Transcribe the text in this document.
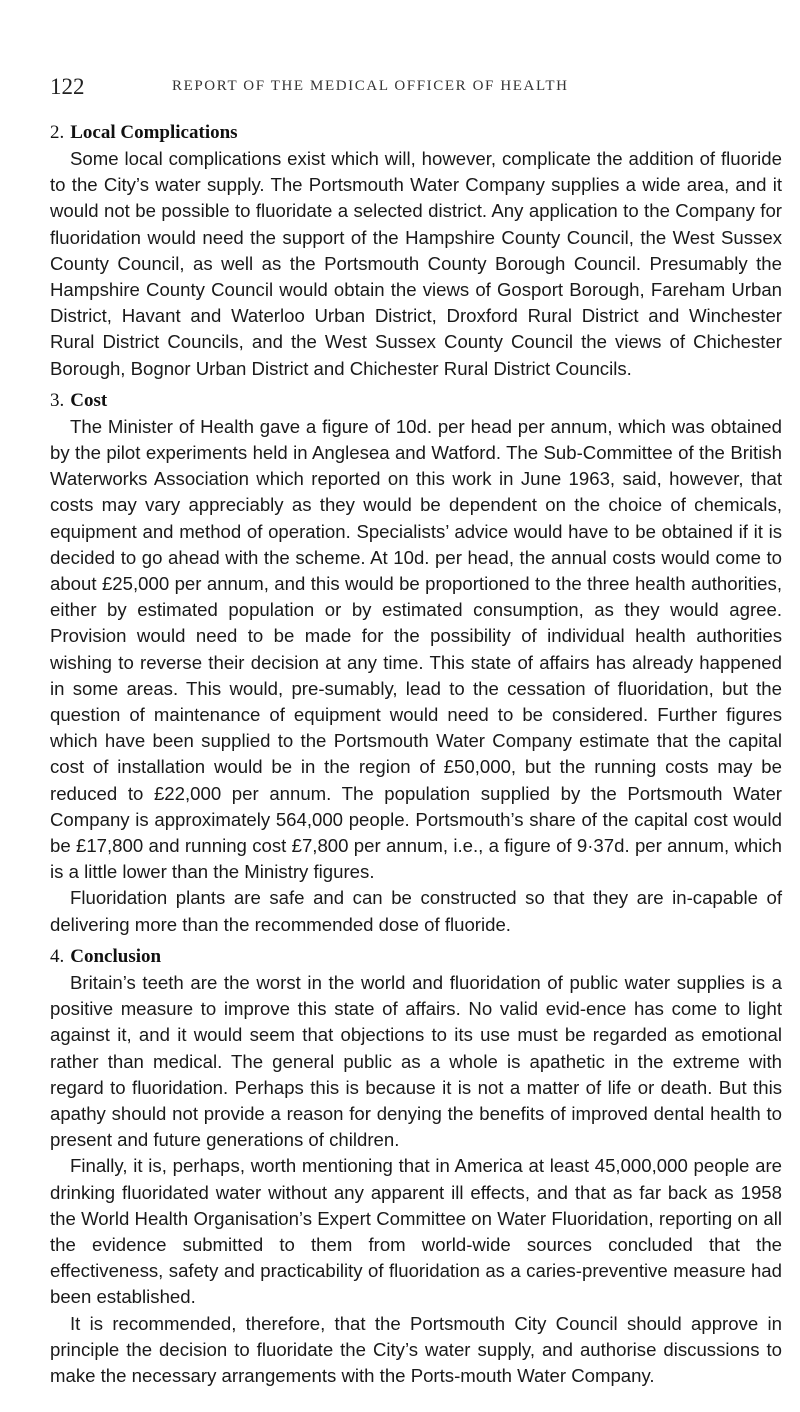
122	REPORT OF THE MEDICAL OFFICER OF HEALTH

2. Local Complications

Some local complications exist which will, however, complicate the addition of fluoride to the City’s water supply. The Portsmouth Water Company supplies a wide area, and it would not be possible to fluoridate a selected district. Any application to the Company for fluoridation would need the support of the Hampshire County Council, the West Sussex County Council, as well as the Portsmouth County Borough Council. Presumably the Hampshire County Council would obtain the views of Gosport Borough, Fareham Urban District, Havant and Waterloo Urban District, Droxford Rural District and Winchester Rural District Councils, and the West Sussex County Council the views of Chichester Borough, Bognor Urban District and Chichester Rural District Councils.

3. Cost

The Minister of Health gave a figure of 10d. per head per annum, which was obtained by the pilot experiments held in Anglesea and Watford. The Sub-Committee of the British Waterworks Association which reported on this work in June 1963, said, however, that costs may vary appreciably as they would be dependent on the choice of chemicals, equipment and method of operation. Specialists’ advice would have to be obtained if it is decided to go ahead with the scheme. At 10d. per head, the annual costs would come to about £25,000 per annum, and this would be proportioned to the three health authorities, either by estimated population or by estimated consumption, as they would agree. Provision would need to be made for the possibility of individual health authorities wishing to reverse their decision at any time. This state of affairs has already happened in some areas. This would, pre-sumably, lead to the cessation of fluoridation, but the question of maintenance of equipment would need to be considered. Further figures which have been supplied to the Portsmouth Water Company estimate that the capital cost of installation would be in the region of £50,000, but the running costs may be reduced to £22,000 per annum. The population supplied by the Portsmouth Water Company is approximately 564,000 people. Portsmouth’s share of the capital cost would be £17,800 and running cost £7,800 per annum, i.e., a figure of 9·37d. per annum, which is a little lower than the Ministry figures.

Fluoridation plants are safe and can be constructed so that they are in-capable of delivering more than the recommended dose of fluoride.

4. Conclusion

Britain’s teeth are the worst in the world and fluoridation of public water supplies is a positive measure to improve this state of affairs. No valid evid-ence has come to light against it, and it would seem that objections to its use must be regarded as emotional rather than medical. The general public as a whole is apathetic in the extreme with regard to fluoridation. Perhaps this is because it is not a matter of life or death. But this apathy should not provide a reason for denying the benefits of improved dental health to present and future generations of children.

Finally, it is, perhaps, worth mentioning that in America at least 45,000,000 people are drinking fluoridated water without any apparent ill effects, and that as far back as 1958 the World Health Organisation’s Expert Committee on Water Fluoridation, reporting on all the evidence submitted to them from world-wide sources concluded that the effectiveness, safety and practicability of fluoridation as a caries-preventive measure had been established.

It is recommended, therefore, that the Portsmouth City Council should approve in principle the decision to fluoridate the City’s water supply, and authorise discussions to make the necessary arrangements with the Ports-mouth Water Company.
